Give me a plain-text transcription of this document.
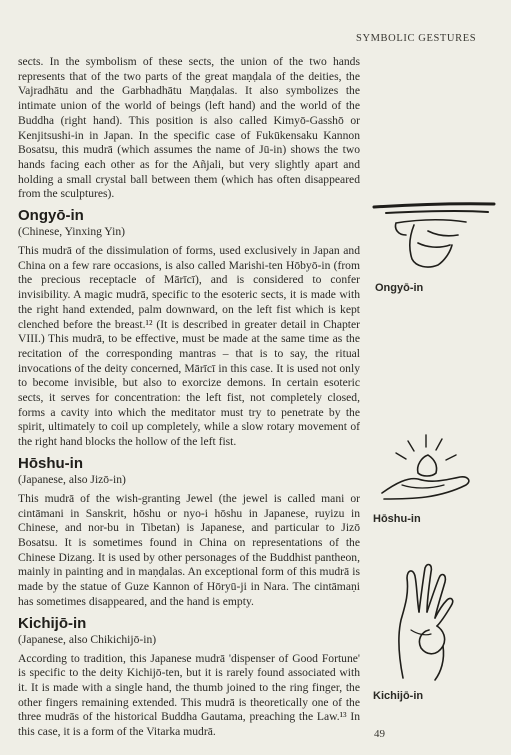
SYMBOLIC GESTURES

sects. In the symbolism of these sects, the union of the two hands represents that of the two parts of the great maṇḍala of the deities, the Vajradhātu and the Garbhadhātu Maṇḍalas. It also symbolizes the intimate union of the world of beings (left hand) and the world of the Buddha (right hand). This position is also called Kimyō-Gasshō or Kenjitsushi-in in Japan. In the specific case of Fukūkensaku Kannon Bosatsu, this mudrā (which assumes the name of Jū-in) shows the two hands facing each other as for the Añjali, but very slightly apart and holding a small crystal ball between them (which has often disappeared from the sculptures).

Ongyō-in

(Chinese, Yinxing Yin)

This mudrā of the dissimulation of forms, used exclusively in Japan and China on a few rare occasions, is also called Marishi-ten Hōbyō-in (from the precious receptacle of Mārīcī), and is considered to confer invisibility. A magic mudrā, specific to the esoteric sects, it is made with the right hand extended, palm downward, on the left fist which is kept clenched before the breast.¹² (It is described in greater detail in Chapter VIII.) This mudrā, to be effective, must be made at the same time as the recitation of the corresponding mantras – that is to say, the ritual invocations of the deity concerned, Mārīcī in this case. It is used not only to become invisible, but also to exorcize demons. In certain esoteric sects, it serves for concentration: the left fist, not completely closed, forms a cavity into which the meditator must try to penetrate by the spirit, ultimately to coil up completely, while a slow rotary movement of the right hand blocks the hollow of the left fist.

Hōshu-in

(Japanese, also Jizō-in)

This mudrā of the wish-granting Jewel (the jewel is called mani or cintāmani in Sanskrit, hōshu or nyo-i hōshu in Japanese, ruyizu in Chinese, and nor-bu in Tibetan) is Japanese, and particular to Jizō Bosatsu. It is sometimes found in China on representations of the Chinese Dizang. It is used by other personages of the Buddhist pantheon, mainly in painting and in maṇḍalas. An exceptional form of this mudrā is made by the statue of Guze Kannon of Hōryū-ji in Nara. The cintāmaṇi has sometimes disappeared, and the hand is empty.

Kichijō-in

(Japanese, also Chikichijō-in)

According to tradition, this Japanese mudrā 'dispenser of Good Fortune' is specific to the deity Kichijō-ten, but it is rarely found associated with it. It is made with a single hand, the thumb joined to the ring finger, the other fingers remaining extended. This mudrā is theoretically one of the three mudrās of the historical Buddha Gautama, preaching the Law.¹³ In this case, it is a form of the Vitarka mudrā.

Ongyō-in
Hōshu-in
Kichijō-in
49
